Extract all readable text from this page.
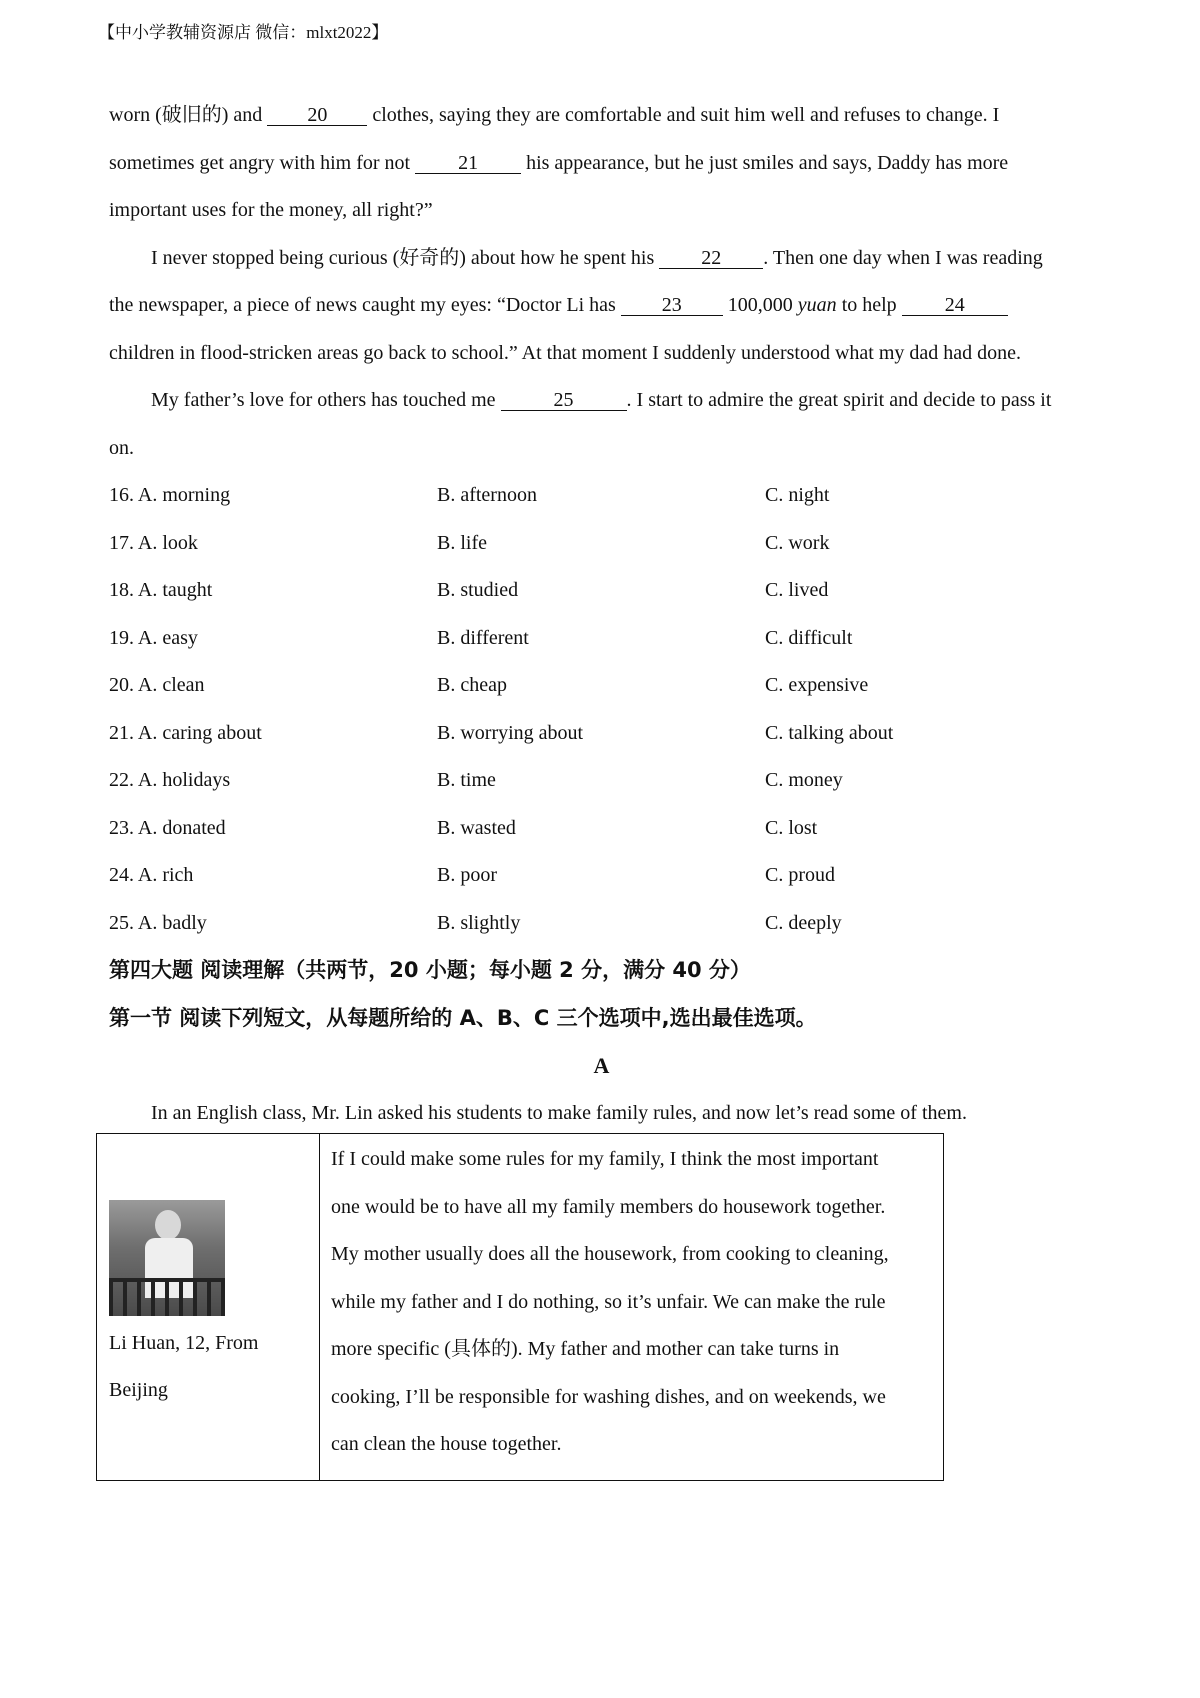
【中小学教辅资源店 微信：mlxt2022】
worn (破旧的) and 20 clothes, saying they are comfortable and suit him well and refuses to change. I
sometimes get angry with him for not 21 his appearance, but he just smiles and says, Daddy has more
important uses for the money, all right?”
I never stopped being curious (好奇的) about how he spent his 22 . Then one day when I was reading
the newspaper, a piece of news caught my eyes: “Doctor Li has 23 100,000 yuan to help 24
children in flood-stricken areas go back to school.” At that moment I suddenly understood what my dad had done.
My father’s love for others has touched me	25	. I start to admire the great spirit and decide to pass it
on.
16. A. morning	B. afternoon	C. night
17. A. look	B. life	C. work
18. A. taught	B. studied	C. lived
19. A. easy	B. different	C. difficult
20. A. clean	B. cheap	C. expensive
21. A. caring about	B. worrying about	C. talking about
22. A. holidays	B. time	C. money
23. A. donated	B. wasted	C. lost
24. A. rich	B. poor	C. proud
25. A. badly	B. slightly	C. deeply
第四大题 阅读理解（共两节，20 小题；每小题 2 分，满分 40 分）
第一节 阅读下列短文，从每题所给的 A、B、C 三个选项中,选出最佳选项。
A
In an English class, Mr. Lin asked his students to make family rules, and now let’s read some of them.
Li Huan, 12, From
Beijing

If I could make some rules for my family, I think the most important
one would be to have all my family members do housework together.
My mother usually does all the housework, from cooking to cleaning,
while my father and I do nothing, so it’s unfair. We can make the rule
more specific (具体的). My father and mother can take turns in
cooking, I’ll be responsible for washing dishes, and on weekends, we
can clean the house together.
